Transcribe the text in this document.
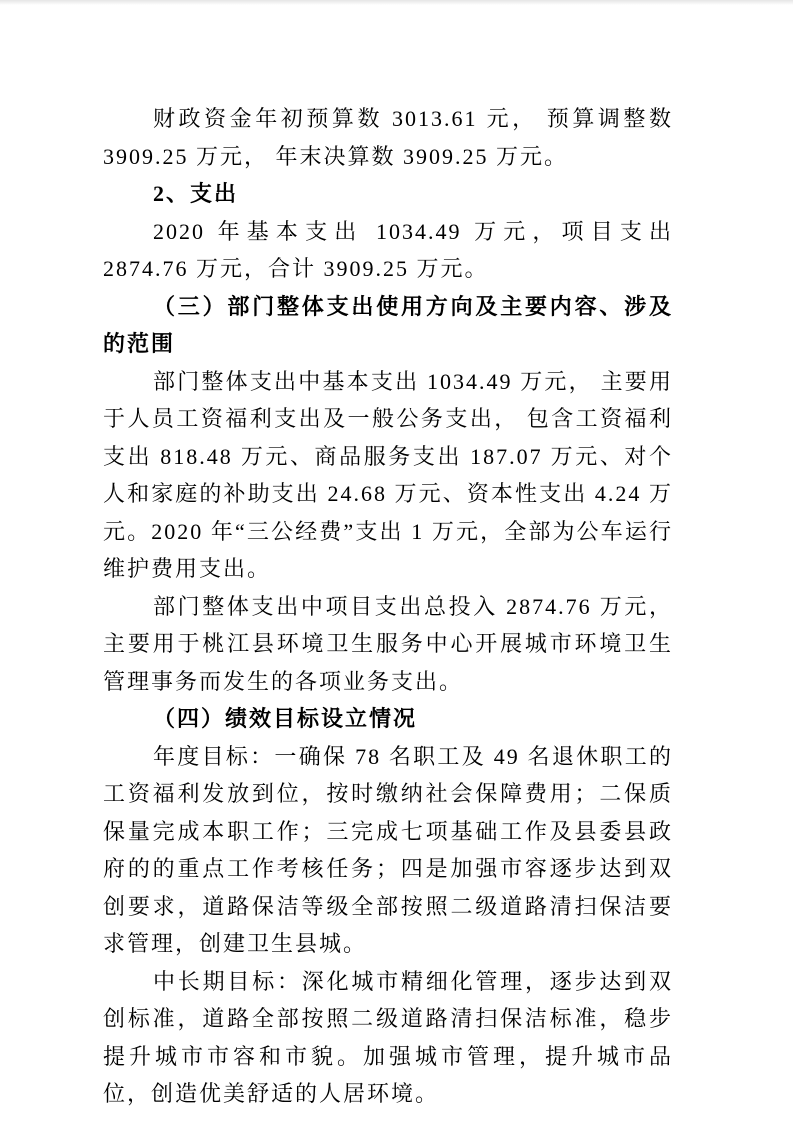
财政资金年初预算数 3013.61 元， 预算调整数 3909.25 万元， 年末决算数 3909.25 万元。

2、支出

2020 年基本支出 1034.49 万元，项目支出 2874.76 万元，合计 3909.25 万元。

（三）部门整体支出使用方向及主要内容、涉及的范围

部门整体支出中基本支出 1034.49 万元， 主要用于人员工资福利支出及一般公务支出， 包含工资福利支出 818.48 万元、商品服务支出 187.07 万元、对个人和家庭的补助支出 24.68 万元、资本性支出 4.24 万元。2020 年“三公经费”支出 1 万元，全部为公车运行维护费用支出。

部门整体支出中项目支出总投入 2874.76 万元， 主要用于桃江县环境卫生服务中心开展城市环境卫生管理事务而发生的各项业务支出。

（四）绩效目标设立情况

年度目标：一确保 78 名职工及 49 名退休职工的工资福利发放到位，按时缴纳社会保障费用；二保质保量完成本职工作；三完成七项基础工作及县委县政府的的重点工作考核任务；四是加强市容逐步达到双创要求，道路保洁等级全部按照二级道路清扫保洁要求管理，创建卫生县城。

中长期目标：深化城市精细化管理，逐步达到双创标准，道路全部按照二级道路清扫保洁标准，稳步提升城市市容和市貌。加强城市管理，提升城市品位，创造优美舒适的人居环境。
